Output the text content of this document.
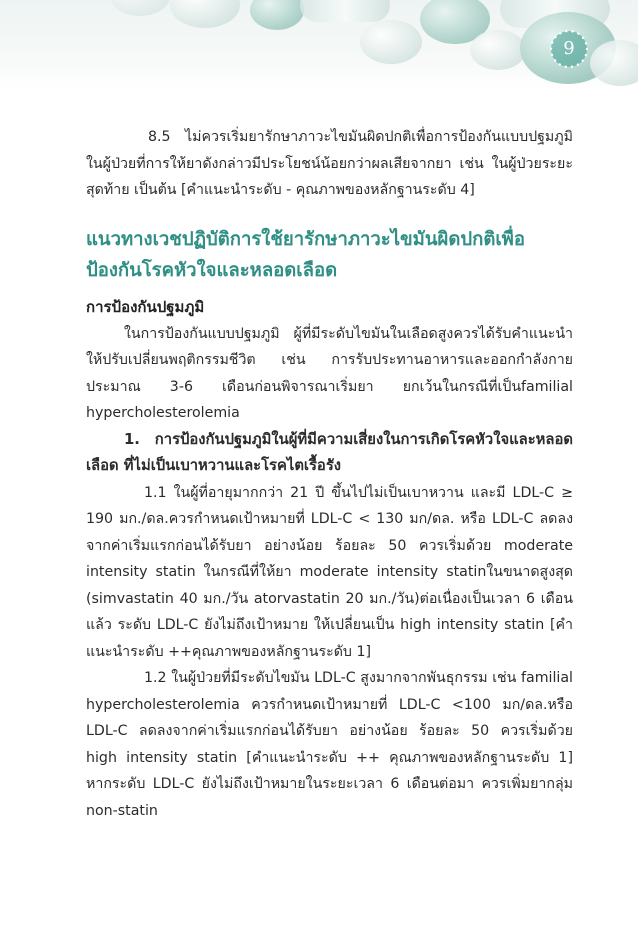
9

8.5 ไม่ควรเริ่มยารักษาภาวะไขมันผิดปกติเพื่อการป้องกันแบบปฐมภูมิในผู้ป่วยที่การให้ยาดังกล่าวมีประโยชน์น้อยกว่าผลเสียจากยา เช่น ในผู้ป่วยระยะสุดท้าย เป็นต้น [คำแนะนำระดับ - คุณภาพของหลักฐานระดับ 4]

แนวทางเวชปฏิบัติการใช้ยารักษาภาวะไขมันผิดปกติเพื่อป้องกันโรคหัวใจและหลอดเลือด
การป้องกันปฐมภูมิ

ในการป้องกันแบบปฐมภูมิ ผู้ที่มีระดับไขมันในเลือดสูงควรได้รับคำแนะนำให้ปรับเปลี่ยนพฤติกรรมชีวิต เช่น การรับประทานอาหารและออกกำลังกาย ประมาณ 3-6 เดือนก่อนพิจารณาเริ่มยา ยกเว้นในกรณีที่เป็นfamilial hypercholesterolemia

1. การป้องกันปฐมภูมิในผู้ที่มีความเสี่ยงในการเกิดโรคหัวใจและหลอดเลือด ที่ไม่เป็นเบาหวานและโรคไตเรื้อรัง

1.1 ในผู้ที่อายุมากกว่า 21 ปี ขึ้นไปไม่เป็นเบาหวาน และมี LDL-C ≥ 190 มก./ดล.ควรกำหนดเป้าหมายที่ LDL-C < 130 มก/ดล. หรือ LDL-C ลดลงจากค่าเริ่มแรกก่อนได้รับยา อย่างน้อย ร้อยละ 50 ควรเริ่มด้วย moderate intensity statin ในกรณีที่ให้ยา moderate intensity statinในขนาดสูงสุด (simvastatin 40 มก./วัน atorvastatin 20 มก./วัน)ต่อเนื่องเป็นเวลา 6 เดือนแล้ว ระดับ LDL-C ยังไม่ถึงเป้าหมาย ให้เปลี่ยนเป็น high intensity statin [คำแนะนำระดับ ++คุณภาพของหลักฐานระดับ 1]

1.2 ในผู้ป่วยที่มีระดับไขมัน LDL-C สูงมากจากพันธุกรรม เช่น familial hypercholesterolemia ควรกำหนดเป้าหมายที่ LDL-C <100 มก/ดล.หรือ LDL-C ลดลงจากค่าเริ่มแรกก่อนได้รับยา อย่างน้อย ร้อยละ 50 ควรเริ่มด้วย high intensity statin [คำแนะนำระดับ ++ คุณภาพของหลักฐานระดับ 1] หากระดับ LDL-C ยังไม่ถึงเป้าหมายในระยะเวลา 6 เดือนต่อมา ควรเพิ่มยากลุ่ม non-statin
